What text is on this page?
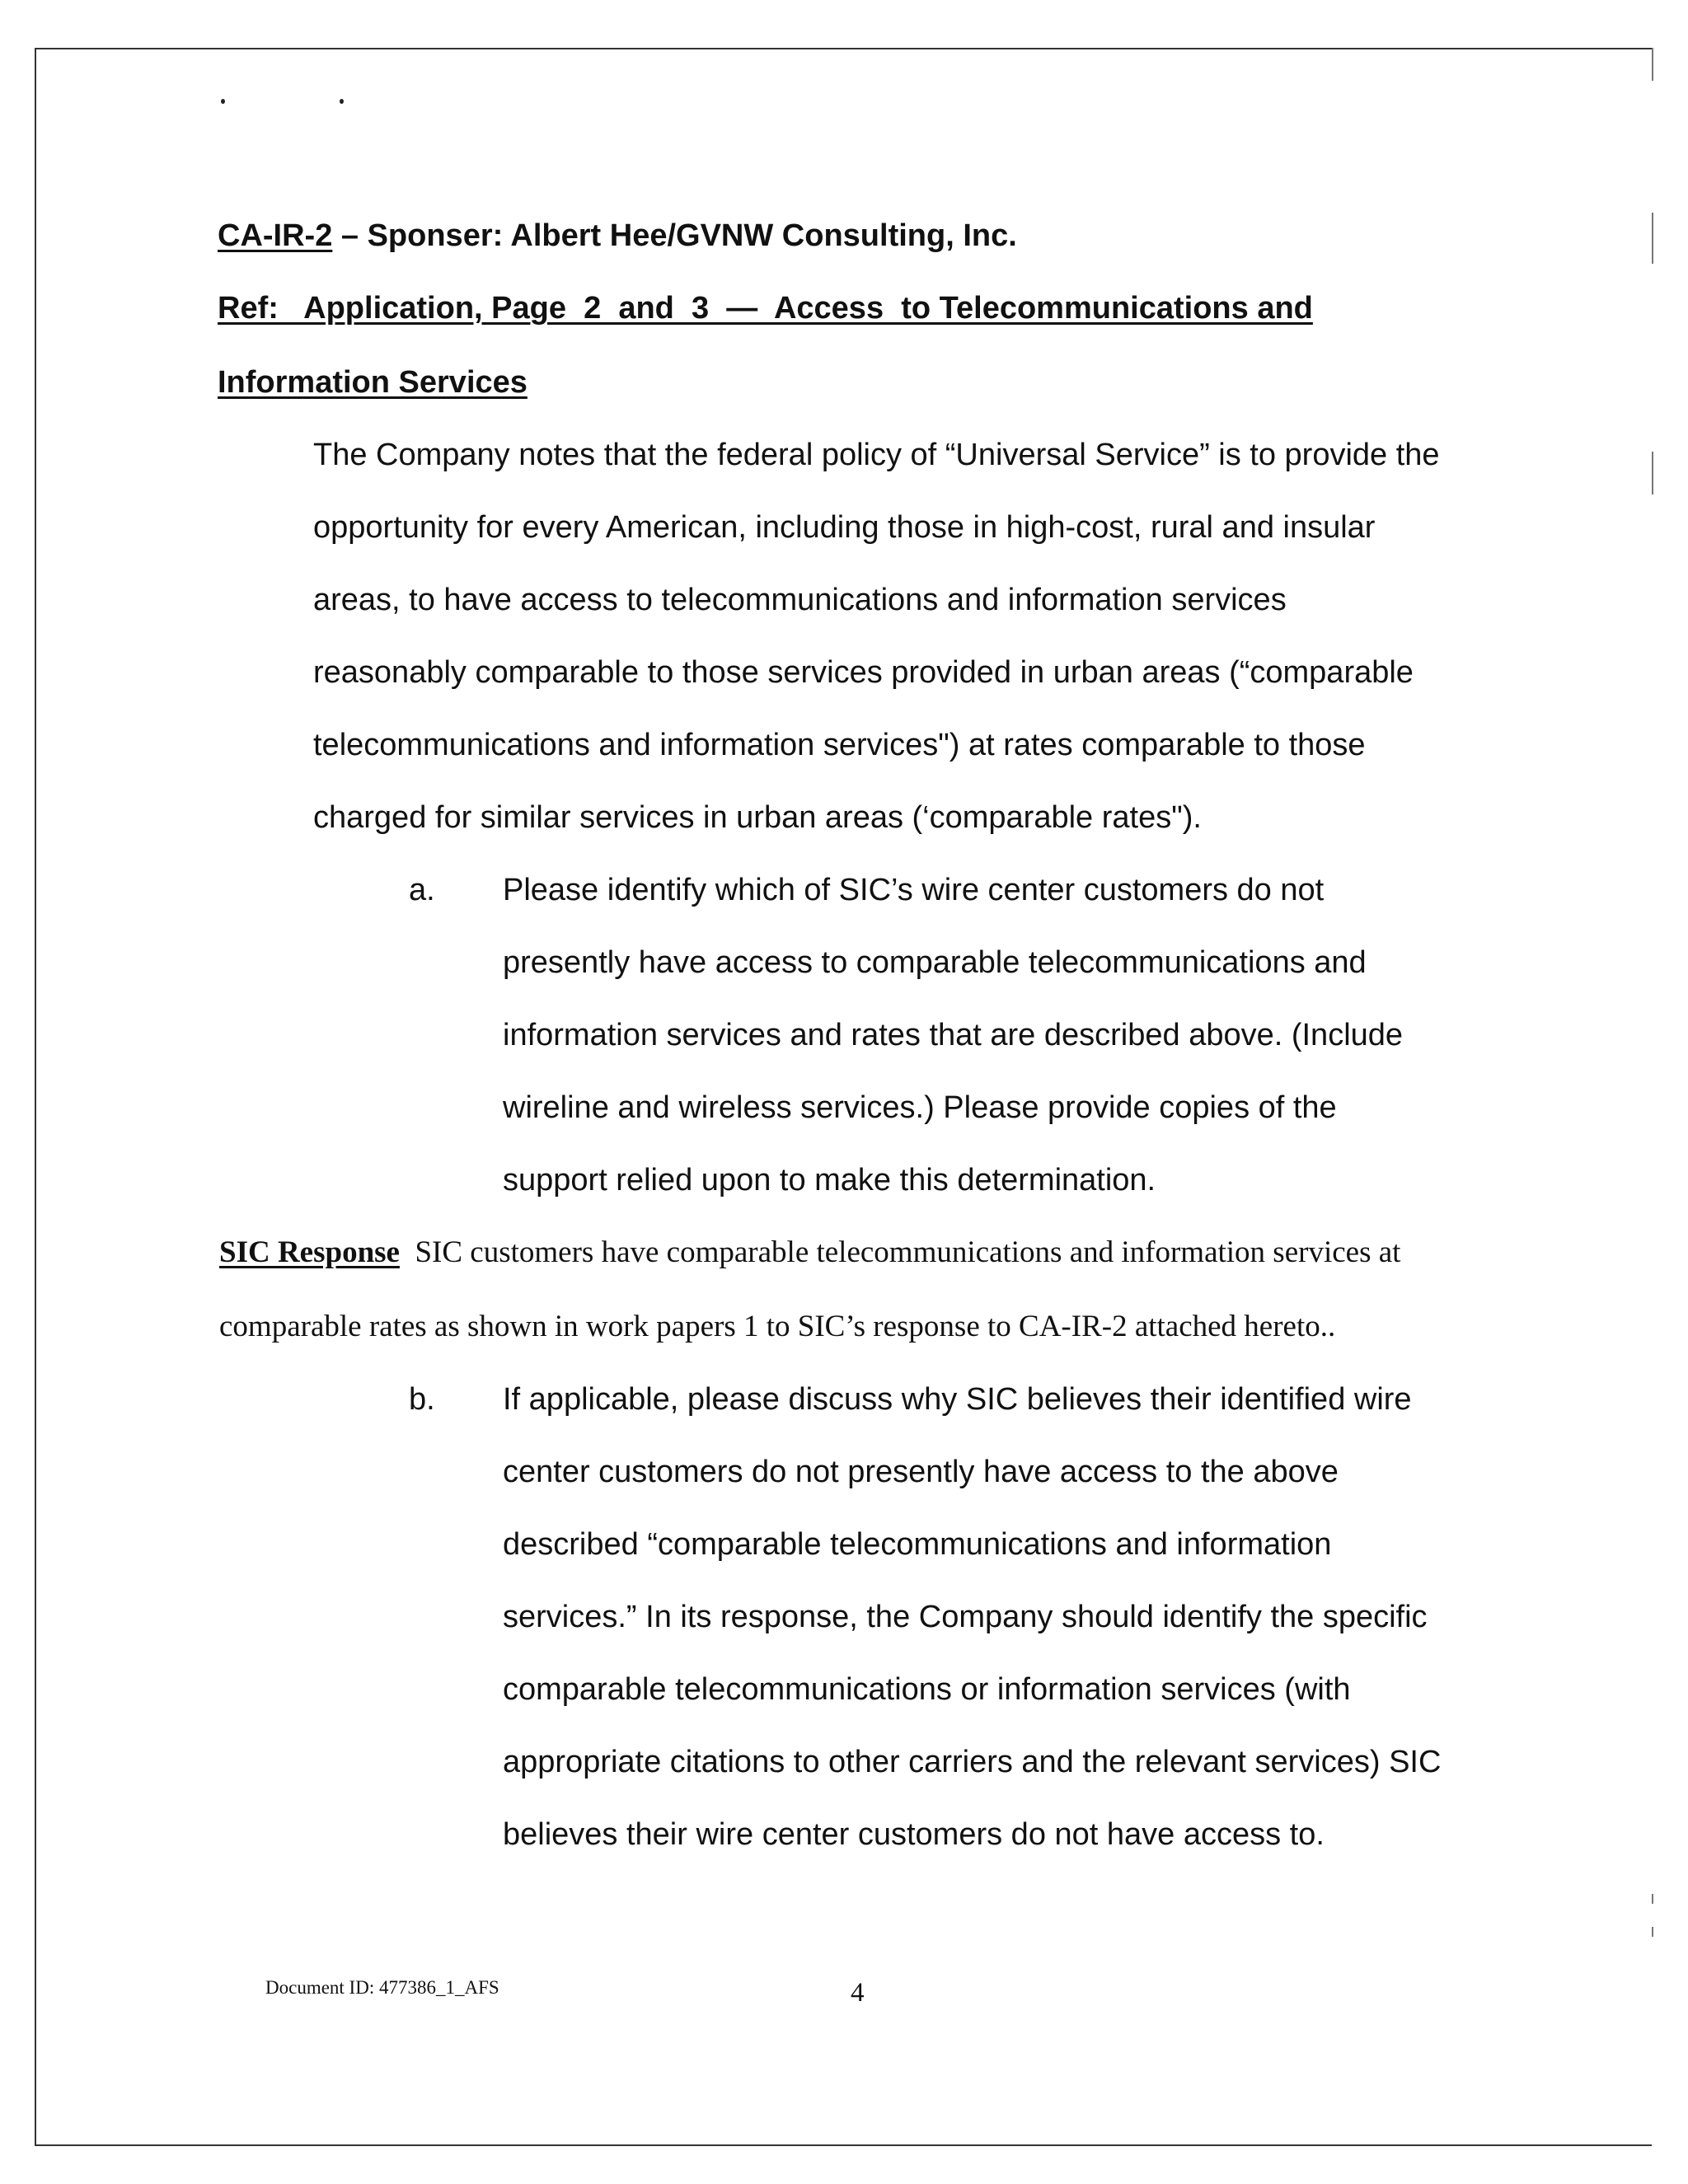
CA-IR-2 – Sponser: Albert Hee/GVNW Consulting, Inc.
Ref:   Application, Page  2  and  3  —  Access  to Telecommunications and
Information Services
The Company notes that the federal policy of “Universal Service” is to provide the
opportunity for every American, including those in high-cost, rural and insular
areas, to have access to telecommunications and information services
reasonably comparable to those services provided in urban areas (“comparable
telecommunications and information services") at rates comparable to those
charged for similar services in urban areas (‘comparable rates").
a. Please identify which of SIC’s wire center customers do not
presently have access to comparable telecommunications and
information services and rates that are described above. (Include
wireline and wireless services.) Please provide copies of the
support relied upon to make this determination.
SIC Response  SIC customers have comparable telecommunications and information services at
comparable rates as shown in work papers 1 to SIC’s response to CA-IR-2 attached hereto..
b. If applicable, please discuss why SIC believes their identified wire
center customers do not presently have access to the above
described “comparable telecommunications and information
services.” In its response, the Company should identify the specific
comparable telecommunications or information services (with
appropriate citations to other carriers and the relevant services) SIC
believes their wire center customers do not have access to.
Document ID: 477386_1_AFS	4
